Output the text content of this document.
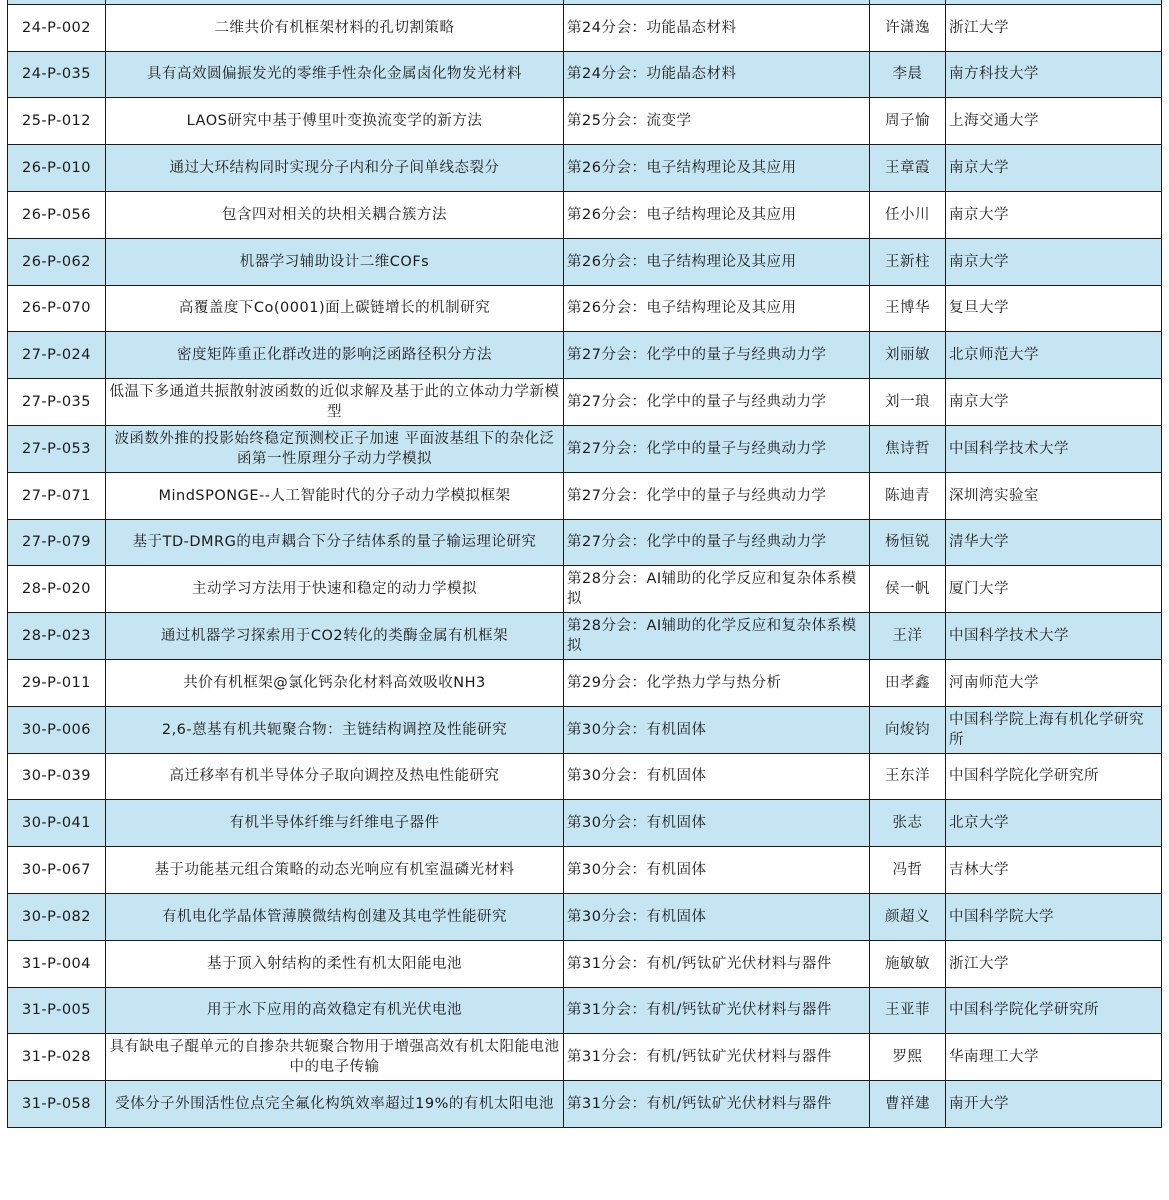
24-P-002	二维共价有机框架材料的孔切割策略	第24分会：功能晶态材料	许潇逸	浙江大学
24-P-035	具有高效圆偏振发光的零维手性杂化金属卤化物发光材料	第24分会：功能晶态材料	李晨	南方科技大学
25-P-012	LAOS研究中基于傅里叶变换流变学的新方法	第25分会：流变学	周子愉	上海交通大学
26-P-010	通过大环结构同时实现分子内和分子间单线态裂分	第26分会：电子结构理论及其应用	王章霞	南京大学
26-P-056	包含四对相关的块相关耦合簇方法	第26分会：电子结构理论及其应用	任小川	南京大学
26-P-062	机器学习辅助设计二维COFs	第26分会：电子结构理论及其应用	王新柱	南京大学
26-P-070	高覆盖度下Co(0001)面上碳链增长的机制研究	第26分会：电子结构理论及其应用	王博华	复旦大学
27-P-024	密度矩阵重正化群改进的影响泛函路径积分方法	第27分会：化学中的量子与经典动力学	刘丽敏	北京师范大学
27-P-035	低温下多通道共振散射波函数的近似求解及基于此的立体动力学新模型	第27分会：化学中的量子与经典动力学	刘一琅	南京大学
27-P-053	波函数外推的投影始终稳定预测校正子加速 平面波基组下的杂化泛函第一性原理分子动力学模拟	第27分会：化学中的量子与经典动力学	焦诗哲	中国科学技术大学
27-P-071	MindSPONGE--人工智能时代的分子动力学模拟框架	第27分会：化学中的量子与经典动力学	陈迪青	深圳湾实验室
27-P-079	基于TD-DMRG的电声耦合下分子结体系的量子输运理论研究	第27分会：化学中的量子与经典动力学	杨恒锐	清华大学
28-P-020	主动学习方法用于快速和稳定的动力学模拟	第28分会：AI辅助的化学反应和复杂体系模拟	侯一帆	厦门大学
28-P-023	通过机器学习探索用于CO2转化的类酶金属有机框架	第28分会：AI辅助的化学反应和复杂体系模拟	王洋	中国科学技术大学
29-P-011	共价有机框架@氯化钙杂化材料高效吸收NH3	第29分会：化学热力学与热分析	田孝鑫	河南师范大学
30-P-006	2,6-蒽基有机共轭聚合物：主链结构调控及性能研究	第30分会：有机固体	向焌钧	中国科学院上海有机化学研究所
30-P-039	高迁移率有机半导体分子取向调控及热电性能研究	第30分会：有机固体	王东洋	中国科学院化学研究所
30-P-041	有机半导体纤维与纤维电子器件	第30分会：有机固体	张志	北京大学
30-P-067	基于功能基元组合策略的动态光响应有机室温磷光材料	第30分会：有机固体	冯哲	吉林大学
30-P-082	有机电化学晶体管薄膜微结构创建及其电学性能研究	第30分会：有机固体	颜超义	中国科学院大学
31-P-004	基于顶入射结构的柔性有机太阳能电池	第31分会：有机/钙钛矿光伏材料与器件	施敏敏	浙江大学
31-P-005	用于水下应用的高效稳定有机光伏电池	第31分会：有机/钙钛矿光伏材料与器件	王亚菲	中国科学院化学研究所
31-P-028	具有缺电子醌单元的自掺杂共轭聚合物用于增强高效有机太阳能电池中的电子传输	第31分会：有机/钙钛矿光伏材料与器件	罗熙	华南理工大学
31-P-058	受体分子外围活性位点完全氟化构筑效率超过19%的有机太阳电池	第31分会：有机/钙钛矿光伏材料与器件	曹祥建	南开大学
